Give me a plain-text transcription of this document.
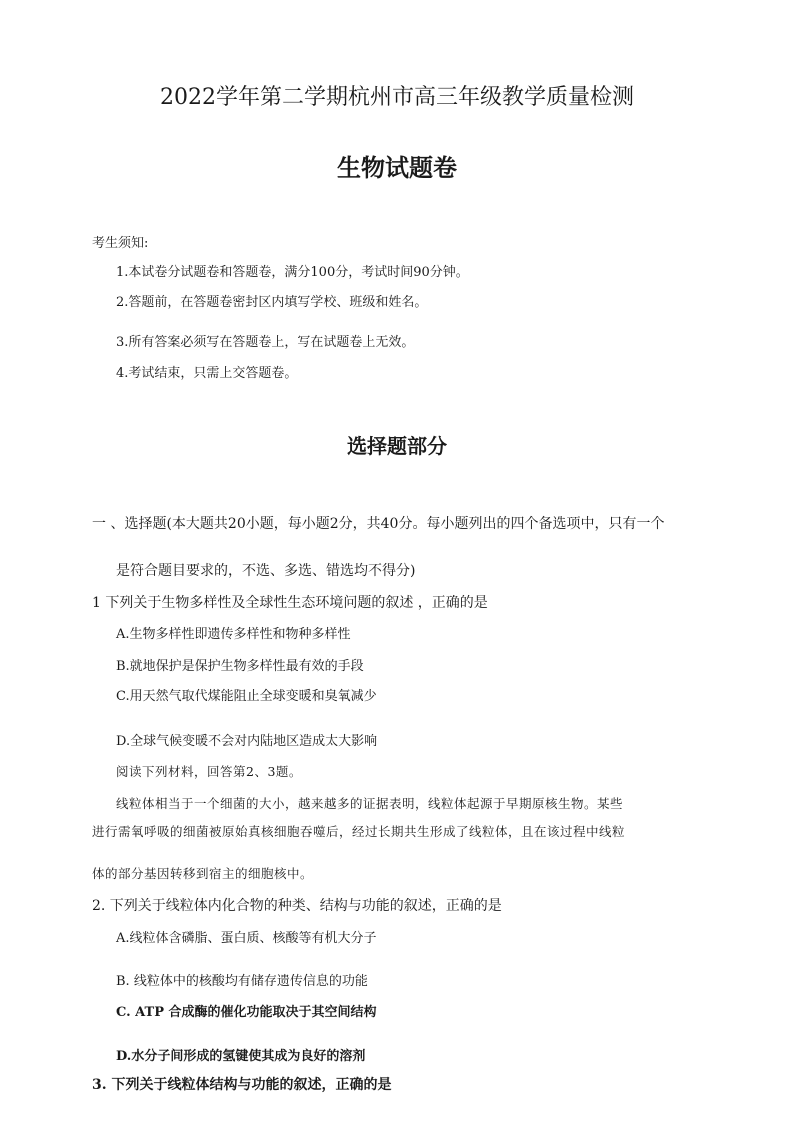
2022学年第二学期杭州市高三年级教学质量检测
生物试题卷
考生须知:
1.本试卷分试题卷和答题卷，满分100分，考试时间90分钟。
2.答题前，在答题卷密封区内填写学校、班级和姓名。
3.所有答案必须写在答题卷上，写在试题卷上无效。
4.考试结束，只需上交答题卷。
选择题部分
一 、选择题(本大题共20小题，每小题2分，共40分。每小题列出的四个备选项中，只有一个
是符合题目要求的，不选、多选、错选均不得分)
1 下列关于生物多样性及全球性生态环境问题的叙述 ，正确的是
A.生物多样性即遗传多样性和物种多样性
B.就地保护是保护生物多样性最有效的手段
C.用天然气取代煤能阻止全球变暖和臭氧减少
D.全球气候变暖不会对内陆地区造成太大影响
阅读下列材料，回答第2、3题。
线粒体相当于一个细菌的大小，越来越多的证据表明，线粒体起源于早期原核生物。某些
进行需氧呼吸的细菌被原始真核细胞吞噬后，经过长期共生形成了线粒体，且在该过程中线粒
体的部分基因转移到宿主的细胞核中。
2. 下列关于线粒体内化合物的种类、结构与功能的叙述，正确的是
A.线粒体含磷脂、蛋白质、核酸等有机大分子
B. 线粒体中的核酸均有储存遗传信息的功能
C. ATP 合成酶的催化功能取决于其空间结构
D.水分子间形成的氢键使其成为良好的溶剂
3. 下列关于线粒体结构与功能的叙述，正确的是
